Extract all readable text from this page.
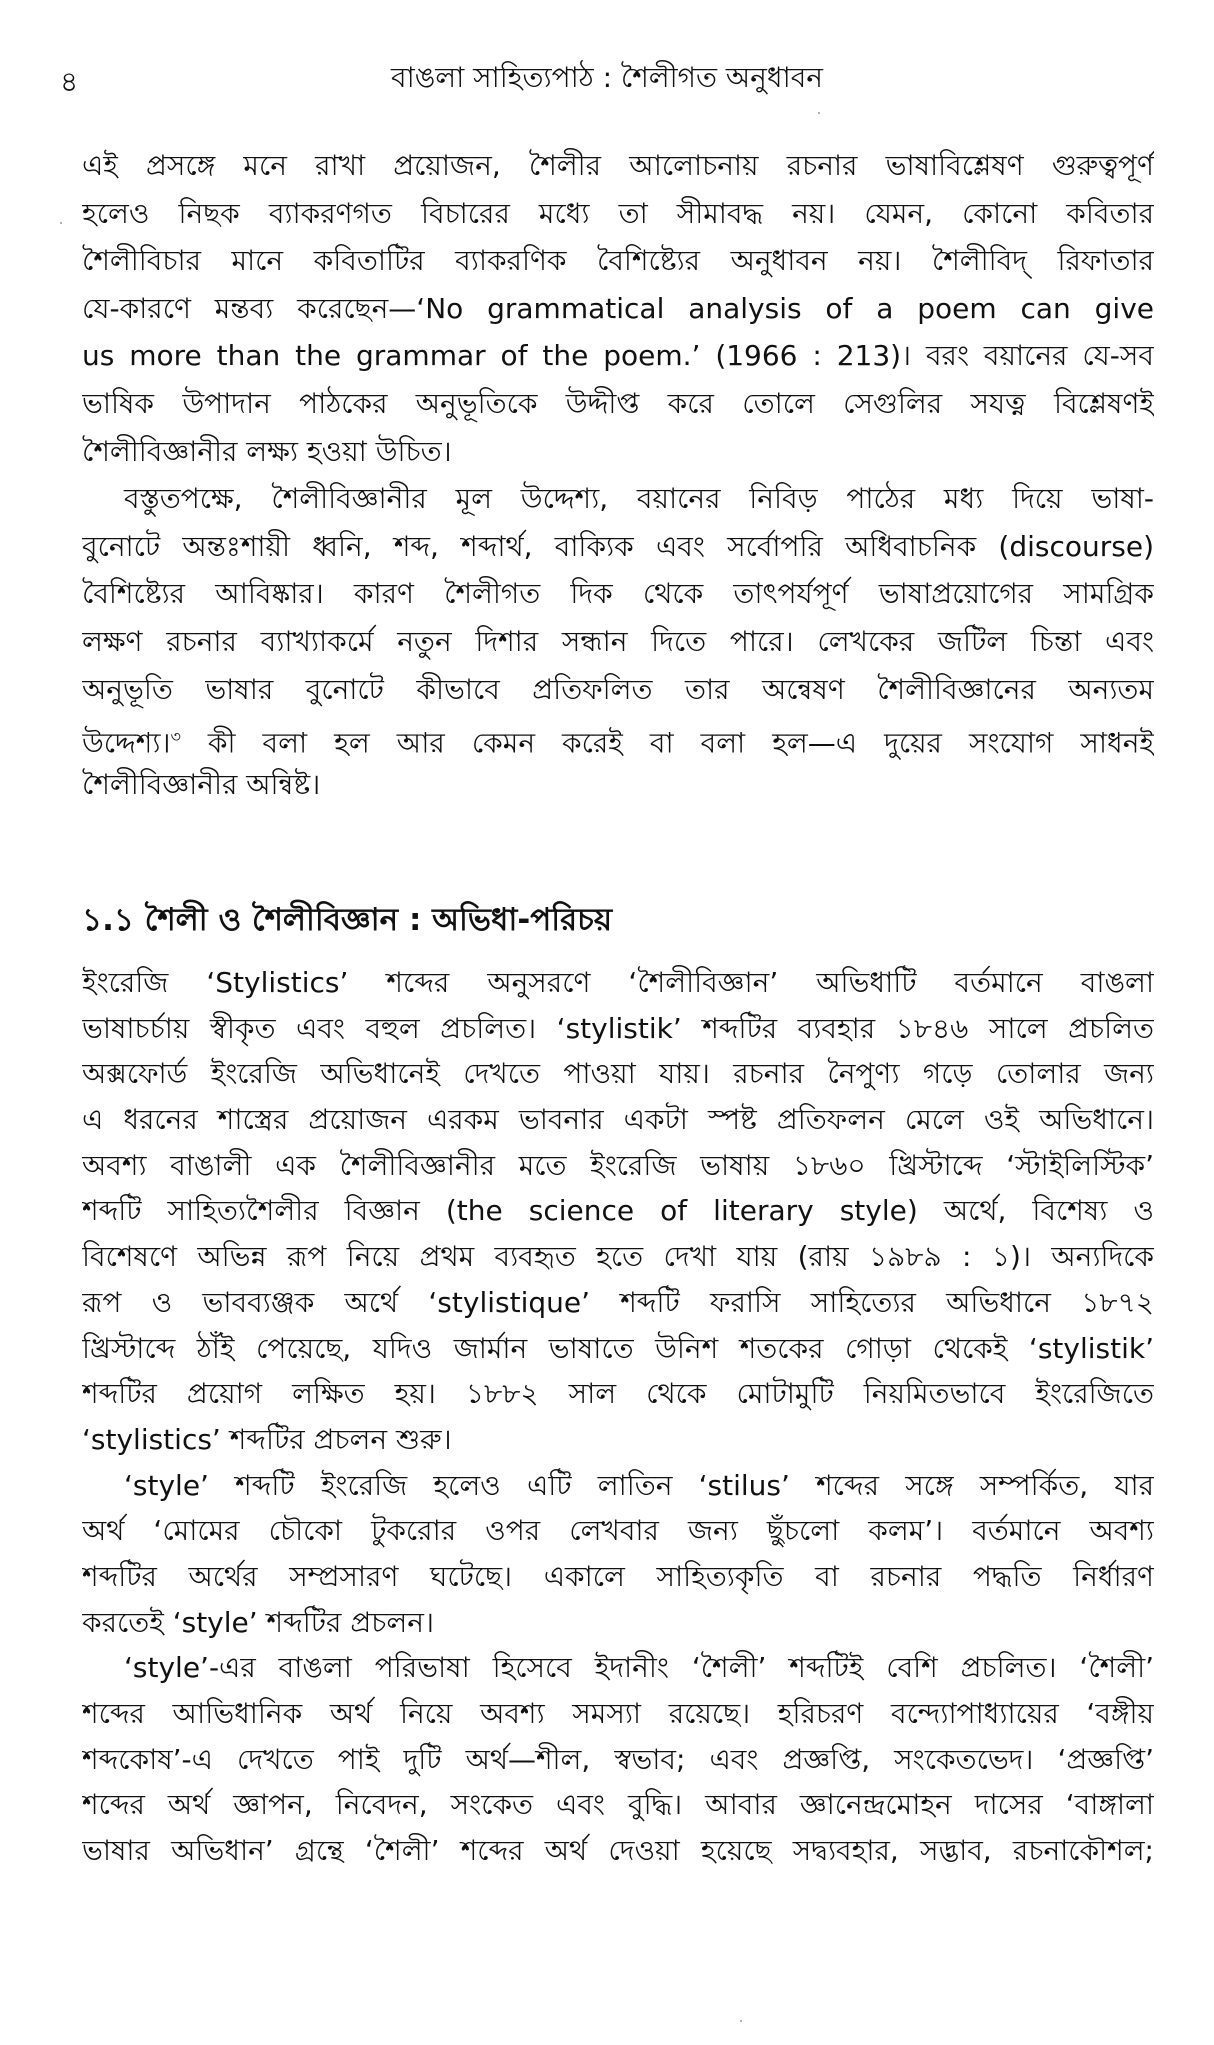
৪	বাঙলা সাহিত্যপাঠ : শৈলীগত অনুধাবন

এই প্রসঙ্গে মনে রাখা প্রয়োজন, শৈলীর আলোচনায় রচনার ভাষাবিশ্লেষণ গুরুত্বপূর্ণ
হলেও নিছক ব্যাকরণগত বিচারের মধ্যে তা সীমাবদ্ধ নয়। যেমন, কোনো কবিতার
শৈলীবিচার মানে কবিতাটির ব্যাকরণিক বৈশিষ্ট্যের অনুধাবন নয়। শৈলীবিদ্ রিফাতার
যে-কারণে মন্তব্য করেছেন—‘No grammatical analysis of a poem can give
us more than the grammar of the poem.’ (1966 : 213)। বরং বয়ানের যে-সব
ভাষিক উপাদান পাঠকের অনুভূতিকে উদ্দীপ্ত করে তোলে সেগুলির সযত্ন বিশ্লেষণই
শৈলীবিজ্ঞানীর লক্ষ্য হওয়া উচিত।

বস্তুতপক্ষে, শৈলীবিজ্ঞানীর মূল উদ্দেশ্য, বয়ানের নিবিড় পাঠের মধ্য দিয়ে ভাষা-
বুনোটে অন্তঃশায়ী ধ্বনি, শব্দ, শব্দার্থ, বাক্যিক এবং সর্বোপরি অধিবাচনিক (discourse)
বৈশিষ্ট্যের আবিষ্কার। কারণ শৈলীগত দিক থেকে তাৎপর্যপূর্ণ ভাষাপ্রয়োগের সামগ্রিক
লক্ষণ রচনার ব্যাখ্যাকর্মে নতুন দিশার সন্ধান দিতে পারে। লেখকের জটিল চিন্তা এবং
অনুভূতি ভাষার বুনোটে কীভাবে প্রতিফলিত তার অন্বেষণ শৈলীবিজ্ঞানের অন্যতম
উদ্দেশ্য।$^৩$ কী বলা হল আর কেমন করেই বা বলা হল—এ দুয়ের সংযোগ সাধনই
শৈলীবিজ্ঞানীর অন্বিষ্ট।

১.১ শৈলী ও শৈলীবিজ্ঞান : অভিধা-পরিচয়

ইংরেজি ‘Stylistics’ শব্দের অনুসরণে ‘শৈলীবিজ্ঞান’ অভিধাটি বর্তমানে বাঙলা
ভাষাচর্চায় স্বীকৃত এবং বহুল প্রচলিত। ‘stylistik’ শব্দটির ব্যবহার ১৮৪৬ সালে প্রচলিত
অক্সফোর্ড ইংরেজি অভিধানেই দেখতে পাওয়া যায়। রচনার নৈপুণ্য গড়ে তোলার জন্য
এ ধরনের শাস্ত্রের প্রয়োজন এরকম ভাবনার একটা স্পষ্ট প্রতিফলন মেলে ওই অভিধানে।
অবশ্য বাঙালী এক শৈলীবিজ্ঞানীর মতে ইংরেজি ভাষায় ১৮৬০ খ্রিস্টাব্দে ‘স্টাইলিস্টিক’
শব্দটি সাহিত্যশৈলীর বিজ্ঞান (the science of literary style) অর্থে, বিশেষ্য ও
বিশেষণে অভিন্ন রূপ নিয়ে প্রথম ব্যবহৃত হতে দেখা যায় (রায় ১৯৮৯ : ১)। অন্যদিকে
রূপ ও ভাবব্যঞ্জক অর্থে ‘stylistique’ শব্দটি ফরাসি সাহিত্যের অভিধানে ১৮৭২
খ্রিস্টাব্দে ঠাঁই পেয়েছে, যদিও জার্মান ভাষাতে উনিশ শতকের গোড়া থেকেই ‘stylistik’
শব্দটির প্রয়োগ লক্ষিত হয়। ১৮৮২ সাল থেকে মোটামুটি নিয়মিতভাবে ইংরেজিতে
‘stylistics’ শব্দটির প্রচলন শুরু।

‘style’ শব্দটি ইংরেজি হলেও এটি লাতিন ‘stilus’ শব্দের সঙ্গে সম্পর্কিত, যার
অর্থ ‘মোমের চৌকো টুকরোর ওপর লেখবার জন্য ছুঁচলো কলম’। বর্তমানে অবশ্য
শব্দটির অর্থের সম্প্রসারণ ঘটেছে। একালে সাহিত্যকৃতি বা রচনার পদ্ধতি নির্ধারণ
করতেই ‘style’ শব্দটির প্রচলন।

‘style’-এর বাঙলা পরিভাষা হিসেবে ইদানীং ‘শৈলী’ শব্দটিই বেশি প্রচলিত। ‘শৈলী’
শব্দের আভিধানিক অর্থ নিয়ে অবশ্য সমস্যা রয়েছে। হরিচরণ বন্দ্যোপাধ্যায়ের ‘বঙ্গীয়
শব্দকোষ’-এ দেখতে পাই দুটি অর্থ—শীল, স্বভাব; এবং প্রজ্ঞপ্তি, সংকেতভেদ। ‘প্রজ্ঞপ্তি’
শব্দের অর্থ জ্ঞাপন, নিবেদন, সংকেত এবং বুদ্ধি। আবার জ্ঞানেন্দ্রমোহন দাসের ‘বাঙ্গালা
ভাষার অভিধান’ গ্রন্থে ‘শৈলী’ শব্দের অর্থ দেওয়া হয়েছে সদ্ব্যবহার, সদ্ভাব, রচনাকৌশল;
